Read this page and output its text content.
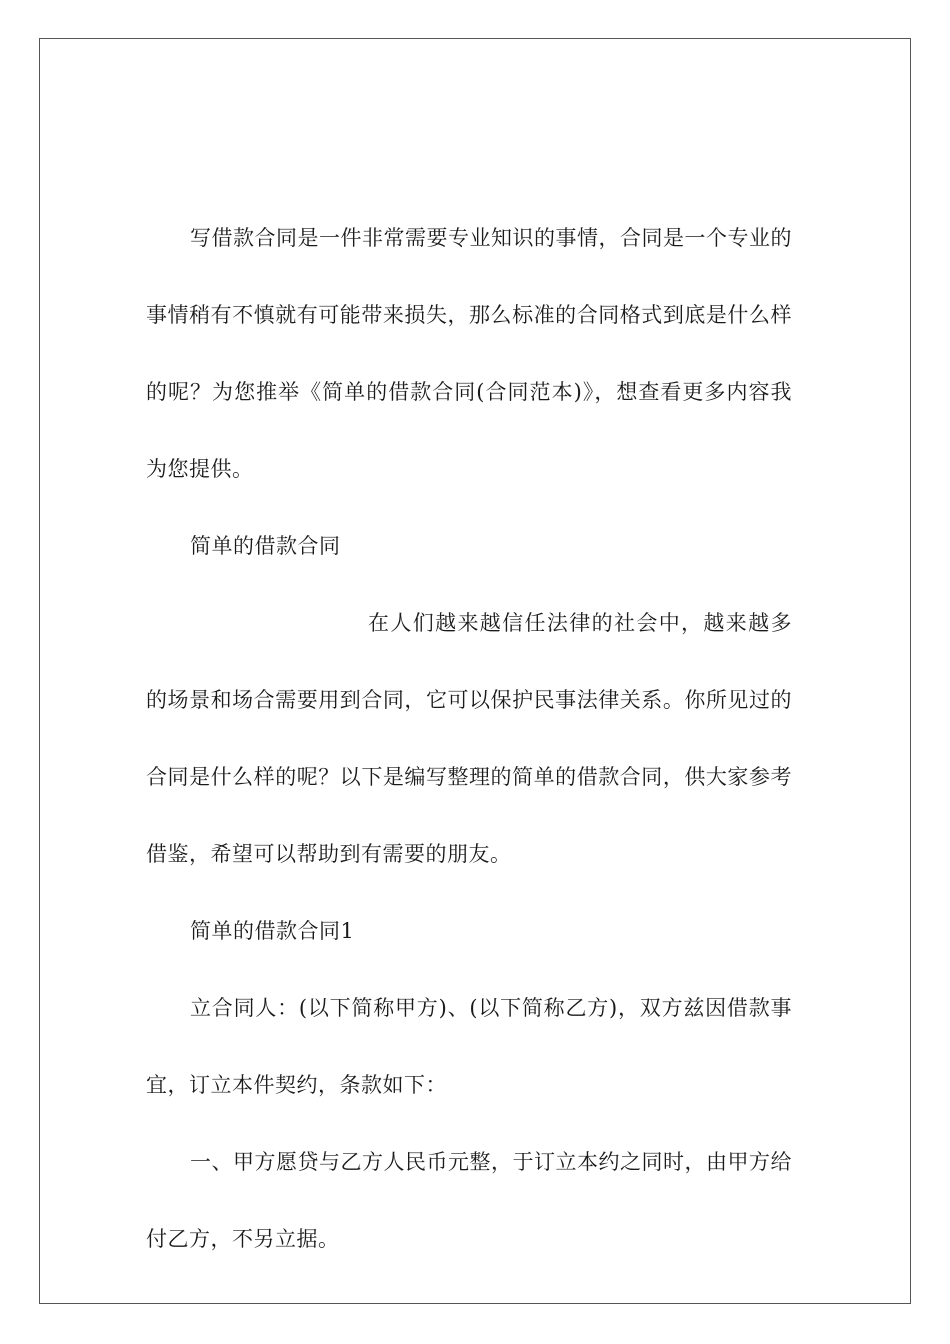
写借款合同是一件非常需要专业知识的事情，合同是一个专业的事情稍有不慎就有可能带来损失，那么标准的合同格式到底是什么样的呢？为您推举《简单的借款合同(合同范本)》，想查看更多内容我为您提供。

简单的借款合同

在人们越来越信任法律的社会中，越来越多的场景和场合需要用到合同，它可以保护民事法律关系。你所见过的合同是什么样的呢？以下是编写整理的简单的借款合同，供大家参考借鉴，希望可以帮助到有需要的朋友。

简单的借款合同1

立合同人：(以下简称甲方)、(以下简称乙方)，双方兹因借款事宜，订立本件契约，条款如下：

一、甲方愿贷与乙方人民币元整，于订立本约之同时，由甲方给付乙方，不另立据。
